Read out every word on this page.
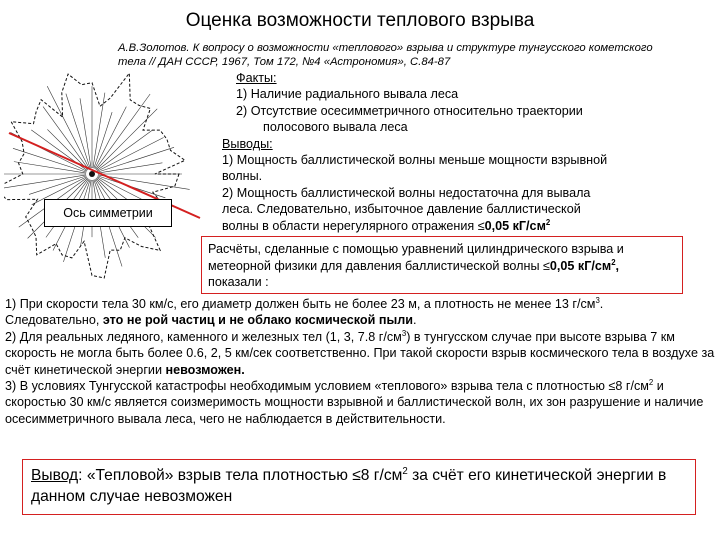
Оценка возможности теплового взрыва
А.В.Золотов. К вопросу о возможности «теплового» взрыва и структуре тунгусского кометского тела // ДАН СССР, 1967, Том 172, №4 «Астрономия», С.84-87
Ось симметрии
Факты:
1) Наличие радиального вывала леса
2) Отсутствие осесимметричного относительно траектории
полосового вывала леса
Выводы:
1) Мощность баллистической волны меньше мощности взрывной
волны.
2) Мощность баллистической волны недостаточна для вывала
леса. Следовательно, избыточное давление баллистической
волны в области нерегулярного отражения ≤0,05 $кГ/см^2$
Расчёты, сделанные с помощью уравнений цилиндрического взрыва и
метеорной физики для давления баллистической волны ≤0,05 $кГ/см^2$,
показали :

1) При скорости тела 30 км/с, его диаметр должен быть не более 23 м, а плотность не менее 13 $г/см^3$.
Следовательно, это не рой частиц и не облако космической пыли.

2) Для реальных ледяного, каменного и железных тел (1, 3, 7.8 $г/см^3$) в тунгусском случае при высоте взрыва 7 км скорость не могла быть более 0.6, 2, 5 км/сек соответственно. При такой скорости взрыв космического тела в воздухе за счёт кинетической энергии невозможен.

3) В условиях Тунгусской катастрофы необходимым условием «теплового» взрыва тела с плотностью ≤8 $г/см^2$ и скоростью 30 км/с является соизмеримость мощности взрывной и баллистической волн, их зон разрушение и наличие осесимметричного вывала леса, чего не наблюдается в действительности.

Вывод: «Тепловой» взрыв тела плотностью ≤8 $г/см^2$ за счёт его кинетической энергии в данном случае невозможен
